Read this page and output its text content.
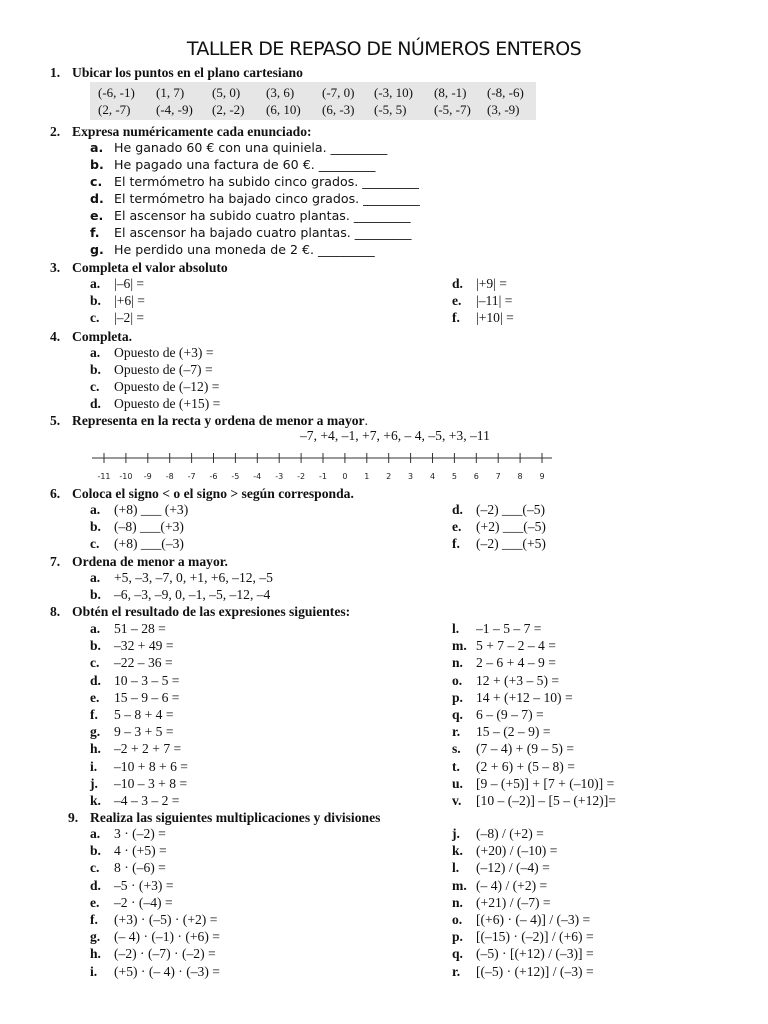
TALLER DE REPASO DE NÚMEROS ENTEROS
1. Ubicar los puntos en el plano cartesiano
(-6, -1) (1, 7) (5, 0) (3, 6) (-7, 0) (-3, 10) (8, -1) (-8, -6)
(2, -7) (-4, -9) (2, -2) (6, 10) (6, -3) (-5, 5) (-5, -7) (3, -9)
2. Expresa numéricamente cada enunciado:
a. He ganado 60 € con una quiniela. _________
b. He pagado una factura de 60 €. _________
c. El termómetro ha subido cinco grados. _________
d. El termómetro ha bajado cinco grados. _________
e. El ascensor ha subido cuatro plantas. _________
f. El ascensor ha bajado cuatro plantas. _________
g. He perdido una moneda de 2 €. _________
3. Completa el valor absoluto
a. |–6| =
b. |+6| =
c. |–2| =
d. |+9| =
e. |–11| =
f. |+10| =
4. Completa.
a. Opuesto de (+3) =
b. Opuesto de (–7) =
c. Opuesto de (–12) =
d. Opuesto de (+15) =
5. Representa en la recta y ordena de menor a mayor.
–7, +4, –1, +7, +6, – 4, –5, +3, –11
-11 -10 -9 -8 -7 -6 -5 -4 -3 -2 -1 0 1 2 3 4 5 6 7 8 9
6. Coloca el signo < o el signo > según corresponda.
a. (+8) ___ (+3)
b. (–8) ___(+3)
c. (+8) ___(–3)
d. (–2) ___(–5)
e. (+2) ___(–5)
f. (–2) ___(+5)
7. Ordena de menor a mayor.
a. +5, –3, –7, 0, +1, +6, –12, –5
b. –6, –3, –9, 0, –1, –5, –12, –4
8. Obtén el resultado de las expresiones siguientes:
a. 51 – 28 =
b. –32 + 49 =
c. –22 – 36 =
d. 10 – 3 – 5 =
e. 15 – 9 – 6 =
f. 5 – 8 + 4 =
g. 9 – 3 + 5 =
h. –2 + 2 + 7 =
i. –10 + 8 + 6 =
j. –10 – 3 + 8 =
k. –4 – 3 – 2 =
l. –1 – 5 – 7 =
m. 5 + 7 – 2 – 4 =
n. 2 – 6 + 4 – 9 =
o. 12 + (+3 – 5) =
p. 14 + (+12 – 10) =
q. 6 – (9 – 7) =
r. 15 – (2 – 9) =
s. (7 – 4) + (9 – 5) =
t. (2 + 6) + (5 – 8) =
u. [9 – (+5)] + [7 + (–10)] =
v. [10 – (–2)] – [5 – (+12)]=
9. Realiza las siguientes multiplicaciones y divisiones
a. 3 · (–2) =
b. 4 · (+5) =
c. 8 · (–6) =
d. –5 · (+3) =
e. –2 · (–4) =
f. (+3) · (–5) · (+2) =
g. (– 4) · (–1) · (+6) =
h. (–2) · (–7) · (–2) =
i. (+5) · (– 4) · (–3) =
j. (–8) / (+2) =
k. (+20) / (–10) =
l. (–12) / (–4) =
m. (– 4) / (+2) =
n. (+21) / (–7) =
o. [(+6) · (– 4)] / (–3) =
p. [(–15) · (–2)] / (+6) =
q. (–5) · [(+12) / (–3)] =
r. [(–5) · (+12)] / (–3) =
